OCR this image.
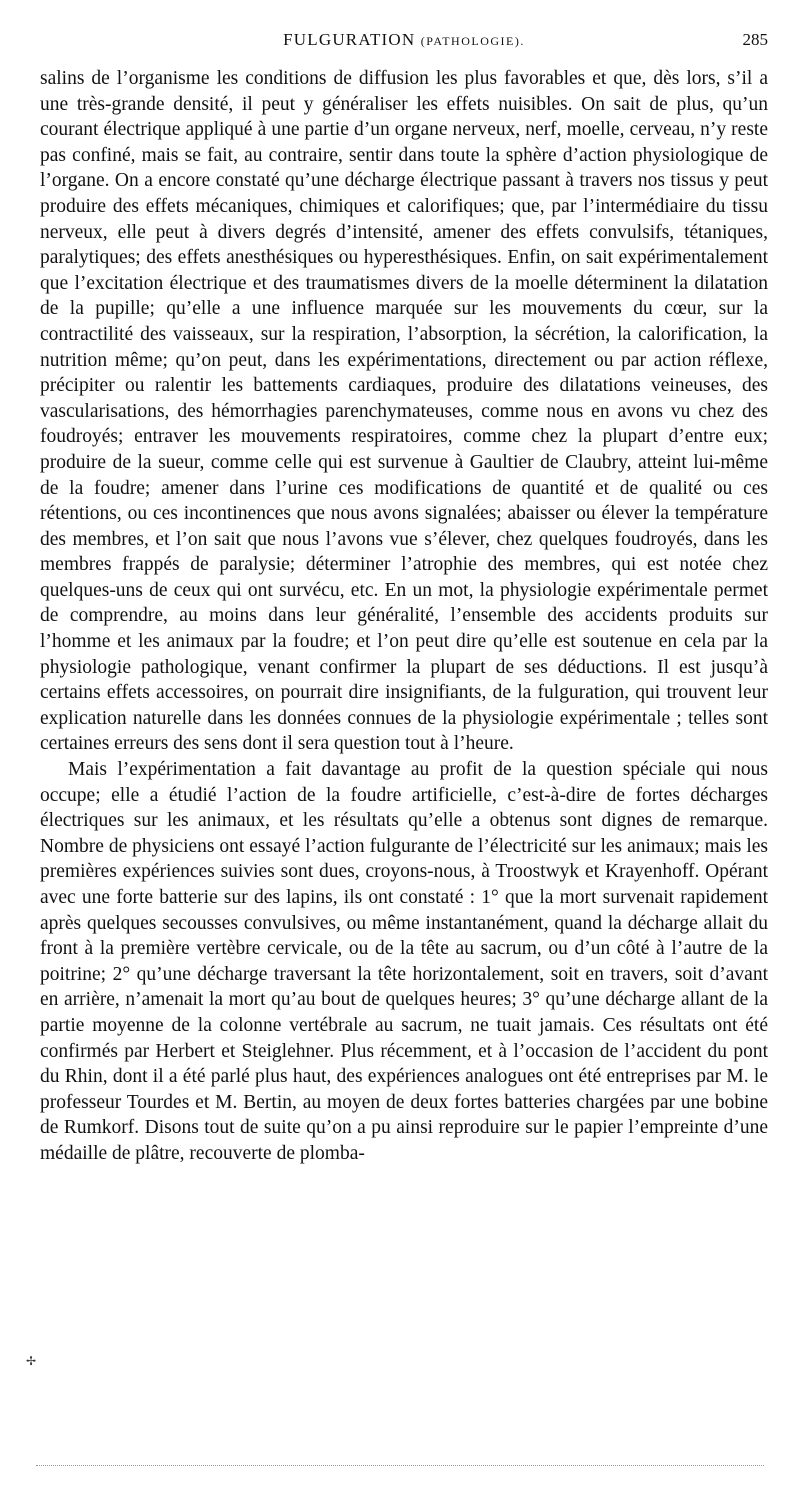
FULGURATION (PATHOLOGIE).	285

salins de l’organisme les conditions de diffusion les plus favorables et que, dès lors, s’il a une très-grande densité, il peut y généraliser les effets nuisibles. On sait de plus, qu’un courant électrique appliqué à une partie d’un organe nerveux, nerf, moelle, cerveau, n’y reste pas confiné, mais se fait, au contraire, sentir dans toute la sphère d’action physiologique de l’organe. On a encore constaté qu’une décharge électrique passant à travers nos tissus y peut produire des effets mécaniques, chimiques et calorifiques; que, par l’intermédiaire du tissu nerveux, elle peut à divers degrés d’intensité, amener des effets convulsifs, tétaniques, paralytiques; des effets anesthésiques ou hyperesthésiques. Enfin, on sait expérimentalement que l’excitation électrique et des traumatismes divers de la moelle déterminent la dilatation de la pupille; qu’elle a une influence marquée sur les mouvements du cœur, sur la contractilité des vaisseaux, sur la respiration, l’absorption, la sécrétion, la calorification, la nutrition même; qu’on peut, dans les expérimentations, directement ou par action réflexe, précipiter ou ralentir les battements cardiaques, produire des dilatations veineuses, des vascularisations, des hémorrhagies parenchymateuses, comme nous en avons vu chez des foudroyés; entraver les mouvements respiratoires, comme chez la plupart d’entre eux; produire de la sueur, comme celle qui est survenue à Gaultier de Claubry, atteint lui-même de la foudre; amener dans l’urine ces modifications de quantité et de qualité ou ces rétentions, ou ces incontinences que nous avons signalées; abaisser ou élever la température des membres, et l’on sait que nous l’avons vue s’élever, chez quelques foudroyés, dans les membres frappés de paralysie; déterminer l’atrophie des membres, qui est notée chez quelques-uns de ceux qui ont survécu, etc. En un mot, la physiologie expérimentale permet de comprendre, au moins dans leur généralité, l’ensemble des accidents produits sur l’homme et les animaux par la foudre; et l’on peut dire qu’elle est soutenue en cela par la physiologie pathologique, venant confirmer la plupart de ses déductions. Il est jusqu’à certains effets accessoires, on pourrait dire insignifiants, de la fulguration, qui trouvent leur explication naturelle dans les données connues de la physiologie expérimentale ; telles sont certaines erreurs des sens dont il sera question tout à l’heure.

Mais l’expérimentation a fait davantage au profit de la question spéciale qui nous occupe; elle a étudié l’action de la foudre artificielle, c’est-à-dire de fortes décharges électriques sur les animaux, et les résultats qu’elle a obtenus sont dignes de remarque. Nombre de physiciens ont essayé l’action fulgurante de l’électricité sur les animaux; mais les premières expériences suivies sont dues, croyons-nous, à Troostwyk et Krayenhoff. Opérant avec une forte batterie sur des lapins, ils ont constaté : 1° que la mort survenait rapidement après quelques secousses convulsives, ou même instantanément, quand la décharge allait du front à la première vertèbre cervicale, ou de la tête au sacrum, ou d’un côté à l’autre de la poitrine; 2° qu’une décharge traversant la tête horizontalement, soit en travers, soit d’avant en arrière, n’amenait la mort qu’au bout de quelques heures; 3° qu’une décharge allant de la partie moyenne de la colonne vertébrale au sacrum, ne tuait jamais. Ces résultats ont été confirmés par Herbert et Steiglehner. Plus récemment, et à l’occasion de l’accident du pont du Rhin, dont il a été parlé plus haut, des expériences analogues ont été entreprises par M. le professeur Tourdes et M. Bertin, au moyen de deux fortes batteries chargées par une bobine de Rumkorf. Disons tout de suite qu’on a pu ainsi reproduire sur le papier l’empreinte d’une médaille de plâtre, recouverte de plomba-

✢
